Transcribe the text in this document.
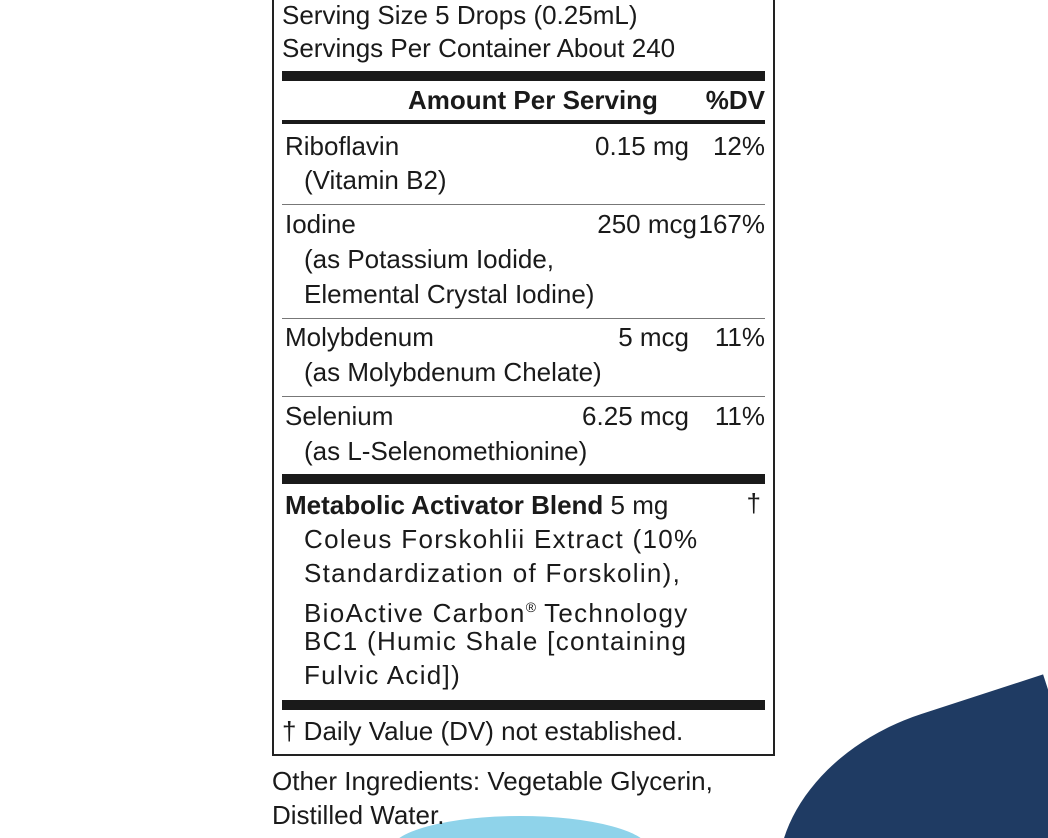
Serving Size 5 Drops (0.25mL)
Servings Per Container About 240
Amount Per Serving %DV
Riboflavin	0.15 mg 12%
(Vitamin B2)
Iodine	250 mcg 167%
(as Potassium Iodide,
Elemental Crystal Iodine)
Molybdenum	5 mcg 11%
(as Molybdenum Chelate)
Selenium	6.25 mcg 11%
(as L-Selenomethionine)
Metabolic Activator Blend 5 mg	†
Coleus Forskohlii Extract (10%
Standardization of Forskolin),
BioActive Carbon® Technology
BC1 (Humic Shale [containing
Fulvic Acid])
† Daily Value (DV) not established.
Other Ingredients: Vegetable Glycerin,
Distilled Water.
